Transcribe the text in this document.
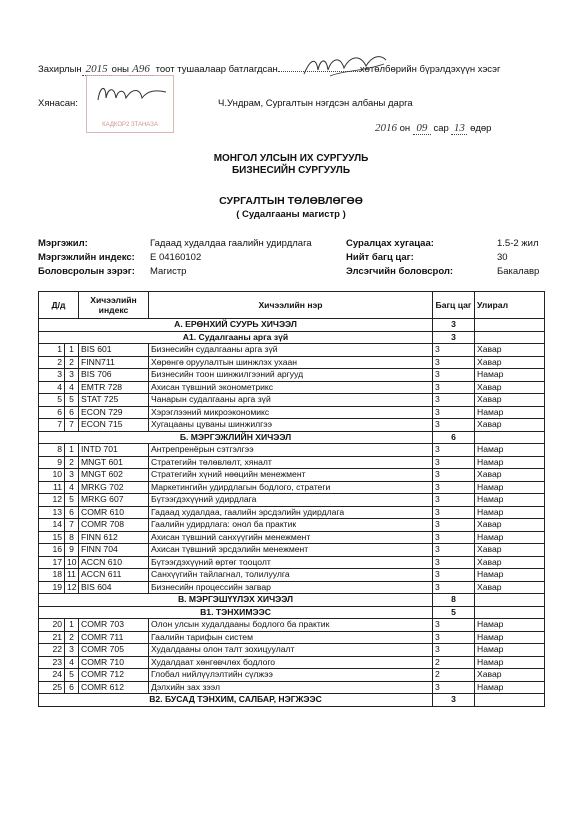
Захирлын 2015 оны A96 тоот тушаалаар батлагдсан	хөтөлбөрийн бүрэлдэхүүн хэсэг
Хянасан:
КАДКОР2 ЗТАНАЗА
Ч.Ундрам, Сургалтын нэгдсэн албаны дарга
2016 он 09 сар 13 өдөр
МОНГОЛ УЛСЫН ИХ СУРГУУЛЬ
БИЗНЕСИЙН СУРГУУЛЬ
СУРГАЛТЫН ТӨЛӨВЛӨГӨӨ
( Судалгааны магистр )
Мэргэжил:	Гадаад худалдаа гаалийн удирдлага
Мэргэжлийн индекс: Е 04160102
Боловсролын зэрэг: Магистр
Суралцах хугацаа:	1.5-2 жил
Нийт багц цаг:	30
Элсэгчийн боловсрол:	Бакалавр
Д/д		Хичээлийн индекс	Хичээлийн нэр	Багц цаг	Улирал
А. ЕРӨНХИЙ СУУРЬ ХИЧЭЭЛ				3	
А1. Судалгааны арга зүй				3	
1	1	BIS 601	Бизнесийн судалгааны арга зүй	3	Хавар
2	2	FINN711	Хөрөнгө оруулалтын шинжлэх ухаан	3	Хавар
3	3	BIS 706	Бизнесийн тоон шинжилгээний аргууд	3	Намар
4	4	EMTR 728	Ахисан түвшний эконометрикс	3	Хавар
5	5	STAT 725	Чанарын судалгааны арга зүй	3	Хавар
6	6	ECON 729	Хэрэглээний микроэкономикс	3	Намар
7	7	ECON 715	Хугацааны цуваны шинжилгээ	3	Хавар
Б. МЭРГЭЖЛИЙН ХИЧЭЭЛ				6	
8	1	INTD 701	Антрепренёрын сэтгэлгээ	3	Намар
9	2	MNGT 601	Стратегийн төлөвлөлт, хяналт	3	Намар
10	3	MNGT 602	Стратегийн хүний нөөцийн менежмент	3	Хавар
11	4	MRKG 702	Маркетингийн удирдлагын бодлого, стратеги	3	Намар
12	5	MRKG 607	Бүтээгдэхүүний удирдлага	3	Намар
13	6	COMR 610	Гадаад худалдаа, гаалийн эрсдэлийн удирдлага	3	Намар
14	7	COMR 708	Гаалийн удирдлага: онол ба практик	3	Хавар
15	8	FINN 612	Ахисан түвшний санхүүгийн менежмент	3	Намар
16	9	FINN 704	Ахисан түвшний эрсдэлийн менежмент	3	Хавар
17	10	ACCN 610	Бүтээгдэхүүний өртөг тооцолт	3	Хавар
18	11	ACCN 611	Санхүүгийн тайлагнал, толилуулга	3	Намар
19	12	BIS 604	Бизнесийн процессийн загвар	3	Хавар
В. МЭРГЭШҮҮЛЭХ ХИЧЭЭЛ				8	
В1. ТЭНХИМЭЭС				5	
20	1	COMR 703	Олон улсын худалдааны бодлого ба практик	3	Намар
21	2	COMR 711	Гаалийн тарифын систем	3	Намар
22	3	COMR 705	Худалдааны олон талт зохицуулалт	3	Намар
23	4	COMR 710	Худалдаат хөнгөвчлөх бодлого	2	Намар
24	5	COMR 712	Глобал нийлүүлэлтийн сүлжээ	2	Хавар
25	6	COMR 612	Дэлхийн зах зээл	3	Намар
В2. БУСАД ТЭНХИМ, САЛБАР, НЭГЖЭЭС				3	
